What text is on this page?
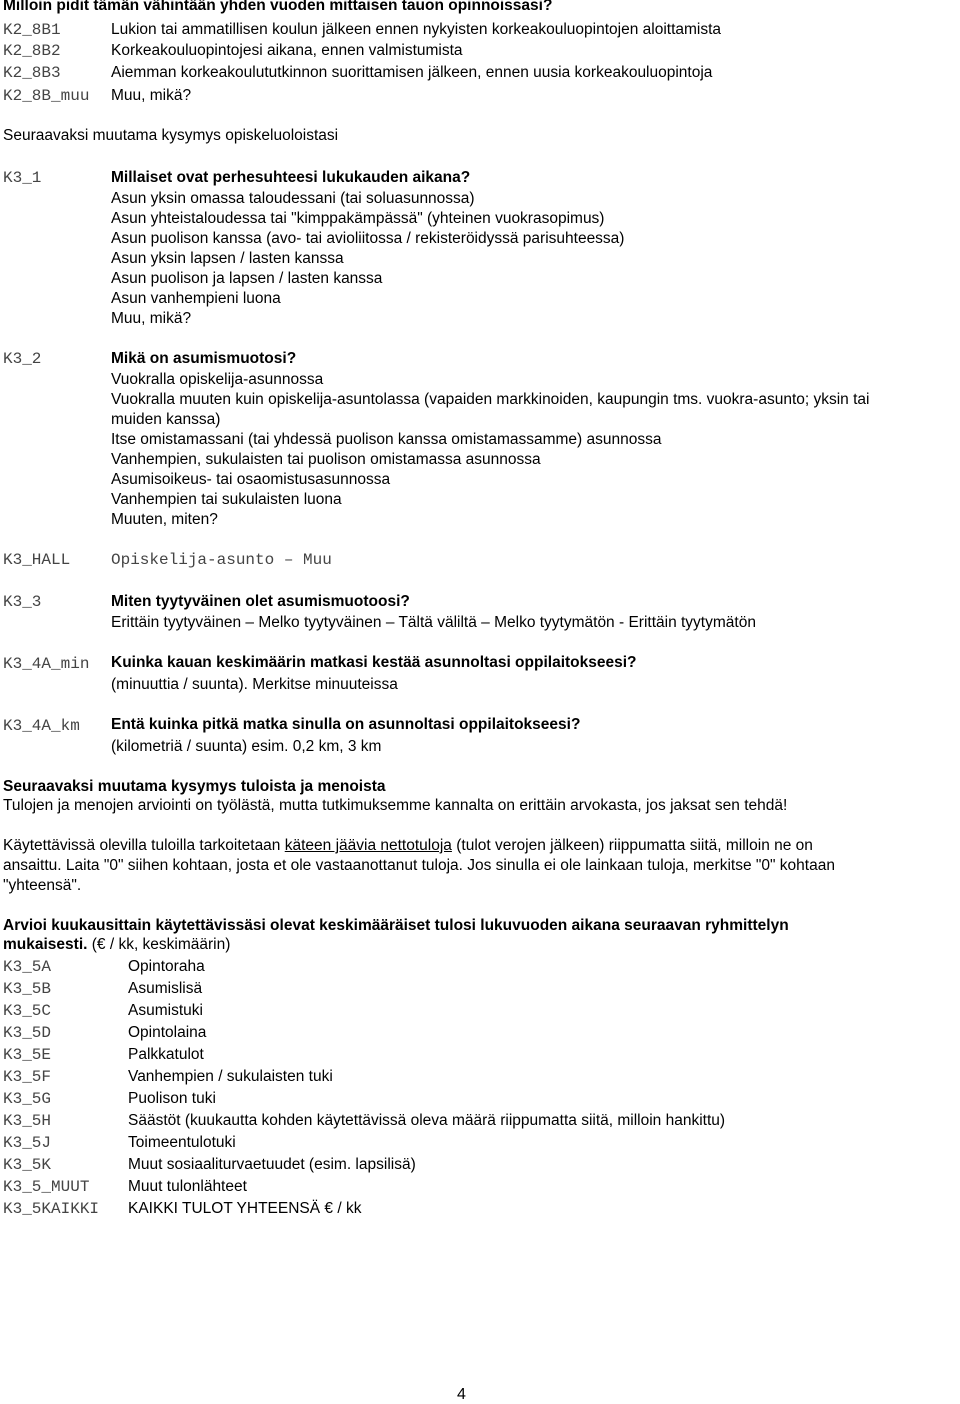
Milloin pidit tämän vähintään yhden vuoden mittaisen tauon opinnoissasi?
K2_8B1	Lukion tai ammatillisen koulun jälkeen ennen nykyisten korkeakouluopintojen aloittamista
K2_8B2	Korkeakouluopintojesi aikana, ennen valmistumista
K2_8B3	Aiemman korkeakoulututkinnon suorittamisen jälkeen, ennen uusia korkeakouluopintoja
K2_8B_muu Muu, mikä?
Seuraavaksi muutama kysymys opiskeluoloistasi
K3_1	Millaiset ovat perhesuhteesi lukukauden aikana?
Asun yksin omassa taloudessani (tai soluasunnossa)
Asun yhteistaloudessa tai "kimppakämpässä" (yhteinen vuokrasopimus)
Asun puolison kanssa (avo- tai avioliitossa / rekisteröidyssä parisuhteessa)
Asun yksin lapsen / lasten kanssa
Asun puolison ja lapsen / lasten kanssa
Asun vanhempieni luona
Muu, mikä?
K3_2	Mikä on asumismuotosi?
Vuokralla opiskelija-asunnossa
Vuokralla muuten kuin opiskelija-asuntolassa (vapaiden markkinoiden, kaupungin tms. vuokra-asunto; yksin tai
muiden kanssa)
Itse omistamassani (tai yhdessä puolison kanssa omistamassamme) asunnossa
Vanhempien, sukulaisten tai puolison omistamassa asunnossa
Asumisoikeus- tai osaomistusasunnossa
Vanhempien tai sukulaisten luona
Muuten, miten?
K3_HALL	Opiskelija-asunto – Muu
K3_3	Miten tyytyväinen olet asumismuotoosi?
Erittäin tyytyväinen – Melko tyytyväinen – Tältä väliltä – Melko tyytymätön - Erittäin tyytymätön
K3_4A_min Kuinka kauan keskimäärin matkasi kestää asunnoltasi oppilaitokseesi?
(minuuttia / suunta). Merkitse minuuteissa
K3_4A_km Entä kuinka pitkä matka sinulla on asunnoltasi oppilaitokseesi?
(kilometriä / suunta) esim. 0,2 km, 3 km
Seuraavaksi muutama kysymys tuloista ja menoista
Tulojen ja menojen arviointi on työlästä, mutta tutkimuksemme kannalta on erittäin arvokasta, jos jaksat sen tehdä!
Käytettävissä olevilla tuloilla tarkoitetaan käteen jäävia nettotuloja (tulot verojen jälkeen) riippumatta siitä, milloin ne on
ansaittu. Laita "0" siihen kohtaan, josta et ole vastaanottanut tuloja. Jos sinulla ei ole lainkaan tuloja, merkitse "0" kohtaan
"yhteensä".
Arvioi kuukausittain käytettävissäsi olevat keskimääräiset tulosi lukuvuoden aikana seuraavan ryhmittelyn
mukaisesti. (€ / kk, keskimäärin)
K3_5A	Opintoraha
K3_5B	Asumislisä
K3_5C	Asumistuki
K3_5D	Opintolaina
K3_5E	Palkkatulot
K3_5F	Vanhempien / sukulaisten tuki
K3_5G	Puolison tuki
K3_5H	Säästöt (kuukautta kohden käytettävissä oleva määrä riippumatta siitä, milloin hankittu)
K3_5J	Toimeentulotuki
K3_5K	Muut sosiaaliturvaetuudet (esim. lapsilisä)
K3_5_MUUT Muut tulonlähteet
K3_5KAIKKI KAIKKI TULOT YHTEENSÄ € / kk
4
